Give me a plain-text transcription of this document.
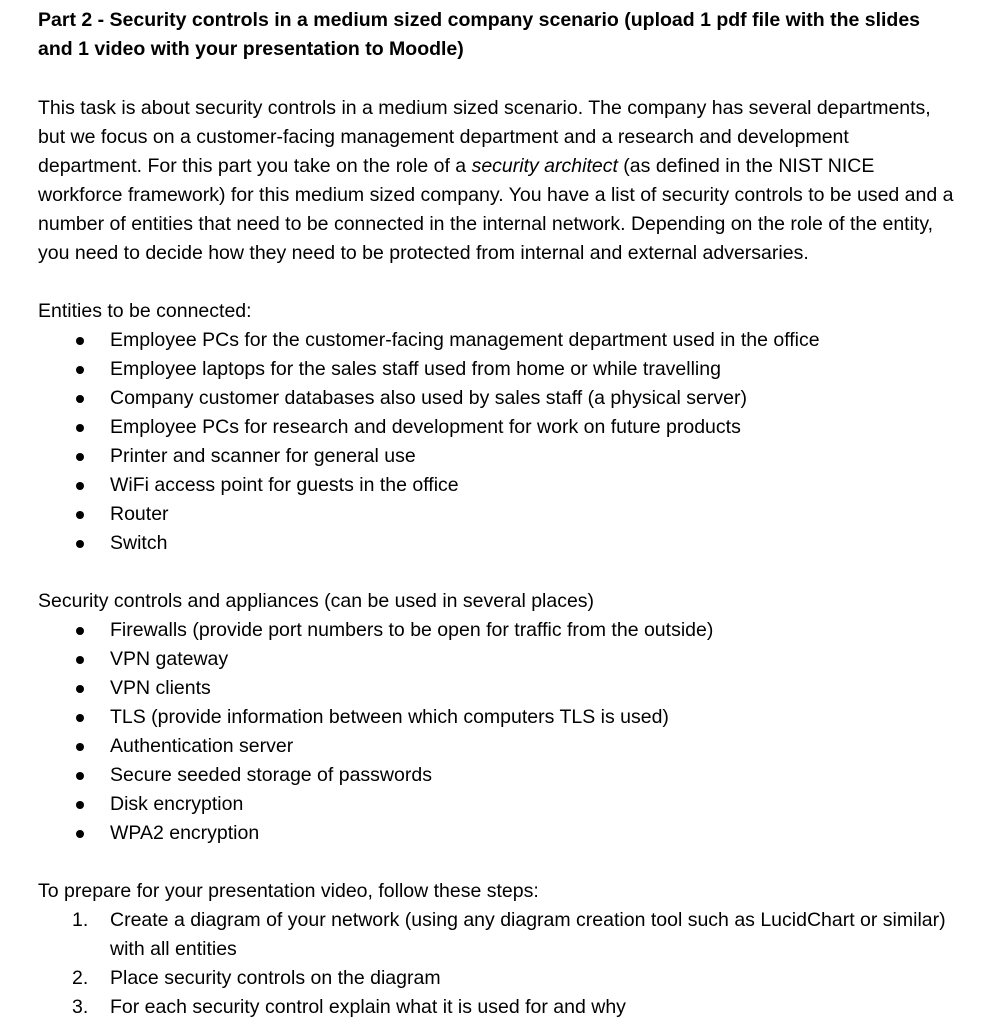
Part 2 - Security controls in a medium sized company scenario (upload 1 pdf file with the slides and 1 video with your presentation to Moodle)

This task is about security controls in a medium sized scenario. The company has several departments, but we focus on a customer-facing management department and a research and development department. For this part you take on the role of a security architect (as defined in the NIST NICE workforce framework) for this medium sized company. You have a list of security controls to be used and a number of entities that need to be connected in the internal network. Depending on the role of the entity, you need to decide how they need to be protected from internal and external adversaries.

Entities to be connected:

Employee PCs for the customer-facing management department used in the office
Employee laptops for the sales staff used from home or while travelling
Company customer databases also used by sales staff (a physical server)
Employee PCs for research and development for work on future products
Printer and scanner for general use
WiFi access point for guests in the office
Router
Switch

Security controls and appliances (can be used in several places)

Firewalls (provide port numbers to be open for traffic from the outside)
VPN gateway
VPN clients
TLS (provide information between which computers TLS is used)
Authentication server
Secure seeded storage of passwords
Disk encryption
WPA2 encryption

To prepare for your presentation video, follow these steps:

1. Create a diagram of your network (using any diagram creation tool such as LucidChart or similar) with all entities
2. Place security controls on the diagram
3. For each security control explain what it is used for and why
